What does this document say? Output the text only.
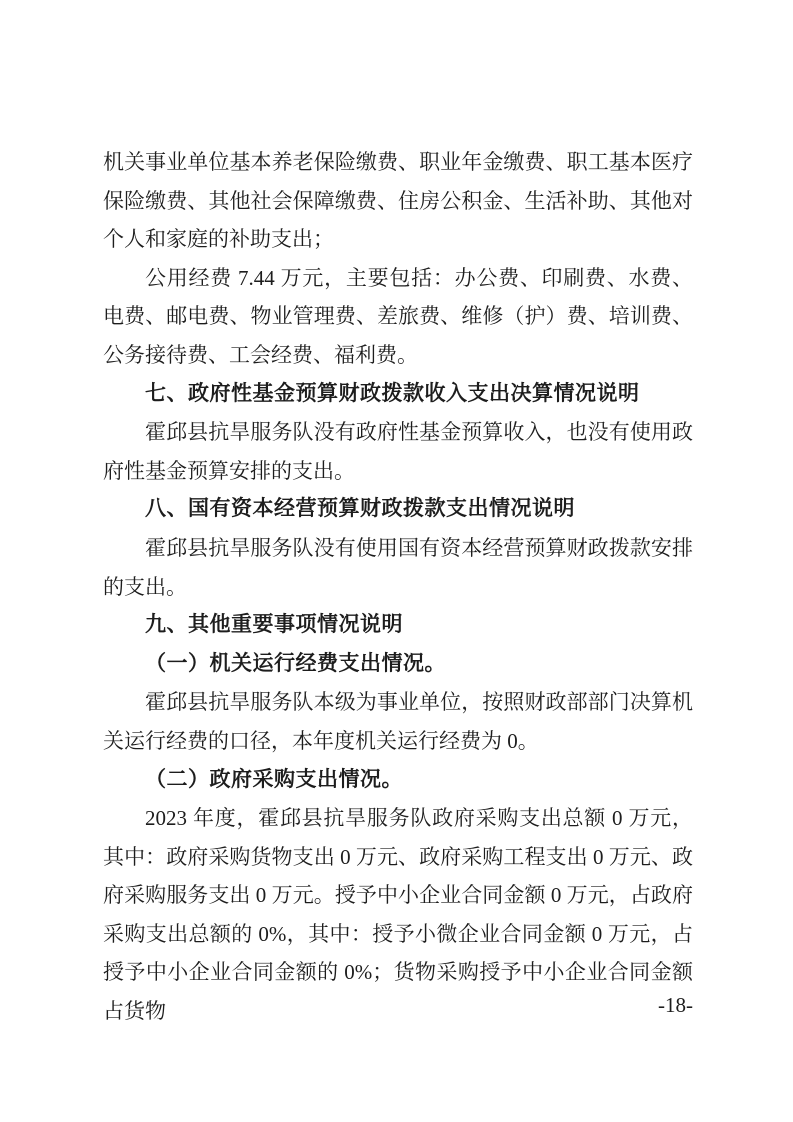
机关事业单位基本养老保险缴费、职业年金缴费、职工基本医疗保险缴费、其他社会保障缴费、住房公积金、生活补助、其他对个人和家庭的补助支出；

公用经费 7.44 万元，主要包括：办公费、印刷费、水费、电费、邮电费、物业管理费、差旅费、维修（护）费、培训费、公务接待费、工会经费、福利费。

七、政府性基金预算财政拨款收入支出决算情况说明

霍邱县抗旱服务队没有政府性基金预算收入，也没有使用政府性基金预算安排的支出。

八、国有资本经营预算财政拨款支出情况说明

霍邱县抗旱服务队没有使用国有资本经营预算财政拨款安排的支出。

九、其他重要事项情况说明

（一）机关运行经费支出情况。

霍邱县抗旱服务队本级为事业单位，按照财政部部门决算机关运行经费的口径，本年度机关运行经费为 0。

（二）政府采购支出情况。

2023 年度，霍邱县抗旱服务队政府采购支出总额 0 万元，其中：政府采购货物支出 0 万元、政府采购工程支出 0 万元、政府采购服务支出 0 万元。授予中小企业合同金额 0 万元，占政府采购支出总额的 0%，其中：授予小微企业合同金额 0 万元，占授予中小企业合同金额的 0%；货物采购授予中小企业合同金额占货物	-18-
